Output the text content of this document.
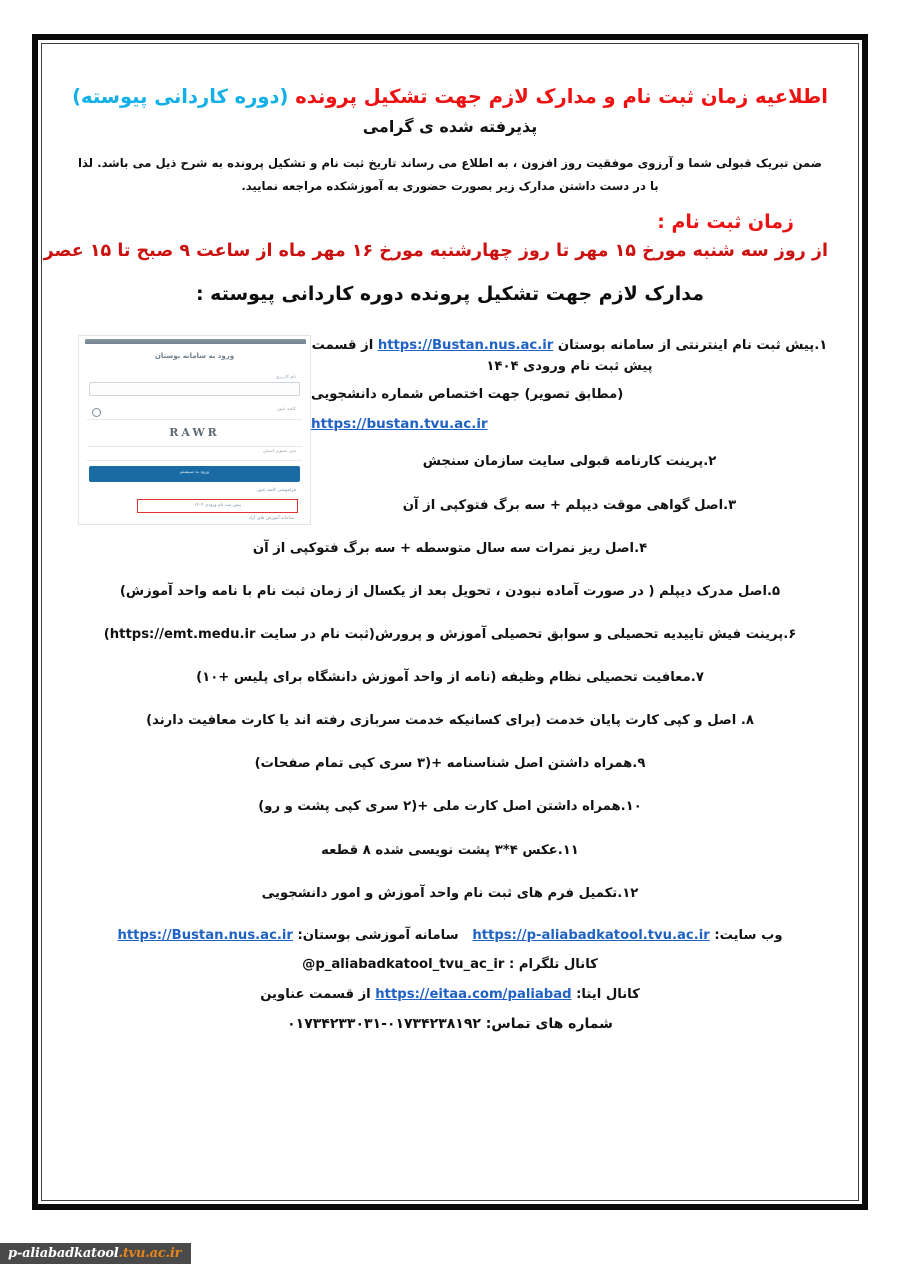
اطلاعیه زمان ثبت نام و مدارک لازم جهت تشکیل پرونده (دوره کاردانی پیوسته)
پذیرفته شده ی گرامی
ضمن تبریک قبولی شما و آرزوی موفقیت روز افزون ، به اطلاع می رساند تاریخ ثبت نام و تشکیل پرونده به شرح ذیل می باشد. لذا با در دست داشتن مدارک زیر بصورت حضوری به آموزشکده مراجعه نمایید.
زمان ثبت نام :
از روز سه شنبه مورخ ۱۵ مهر تا روز چهارشنبه مورخ ۱۶ مهر ماه از ساعت ۹ صبح تا ۱۵ عصر
مدارک لازم جهت تشکیل پرونده دوره کاردانی پیوسته :
ورود به سامانه بوستان
نام کاربری
کلمه عبور
RAWR
متن تصویر امنیتی
ورود به سیستم
فراموشی کلمه عبور
پیش ثبت نام ورودی ۱۴۰۴
سامانه آموزش های آزاد
۱.پیش ثبت نام اینترنتی از سامانه بوستان https://Bustan.nus.ac.ir از قسمت پیش ثبت نام ورودی ۱۴۰۴
(مطابق تصویر) جهت اختصاص شماره دانشجویی
https://bustan.tvu.ac.ir
۲.پرینت کارنامه قبولی سایت سازمان سنجش
۳.اصل گواهی موقت دیپلم + سه برگ فتوکپی از آن
۴.اصل ریز نمرات سه سال متوسطه + سه برگ فتوکپی از آن
۵.اصل مدرک دیپلم ( در صورت آماده نبودن ، تحویل بعد از یکسال از زمان ثبت نام با نامه واحد آموزش)
۶.پرینت فیش تاییدیه تحصیلی و سوابق تحصیلی آموزش و پرورش(ثبت نام در سایت https://emt.medu.ir)
۷.معافیت تحصیلی نظام وظیفه (نامه از واحد آموزش دانشگاه برای پلیس +۱۰)
۸. اصل و کپی کارت پایان خدمت (برای کسانیکه خدمت سربازی رفته اند یا کارت معافیت دارند)
۹.همراه داشتن اصل شناسنامه +(۳ سری کپی تمام صفحات)
۱۰.همراه داشتن اصل کارت ملی +(۲ سری کپی پشت و رو)
۱۱.عکس ۴*۳ پشت نویسی شده ۸ قطعه
۱۲.تکمیل فرم های ثبت نام واحد آموزش و امور دانشجویی
وب سایت: https://p-aliabadkatool.tvu.ac.ir   سامانه آموزشی بوستان: https://Bustan.nus.ac.ir
کانال تلگرام : @p_aliabadkatool_tvu_ac_ir
کانال ایتا: https://eitaa.com/paliabad از قسمت عناوین
شماره های تماس: ۰۱۷۳۴۲۳۸۱۹۲-۰۱۷۳۴۲۳۳۰۳۱
p-aliabadkatool.tvu.ac.ir
